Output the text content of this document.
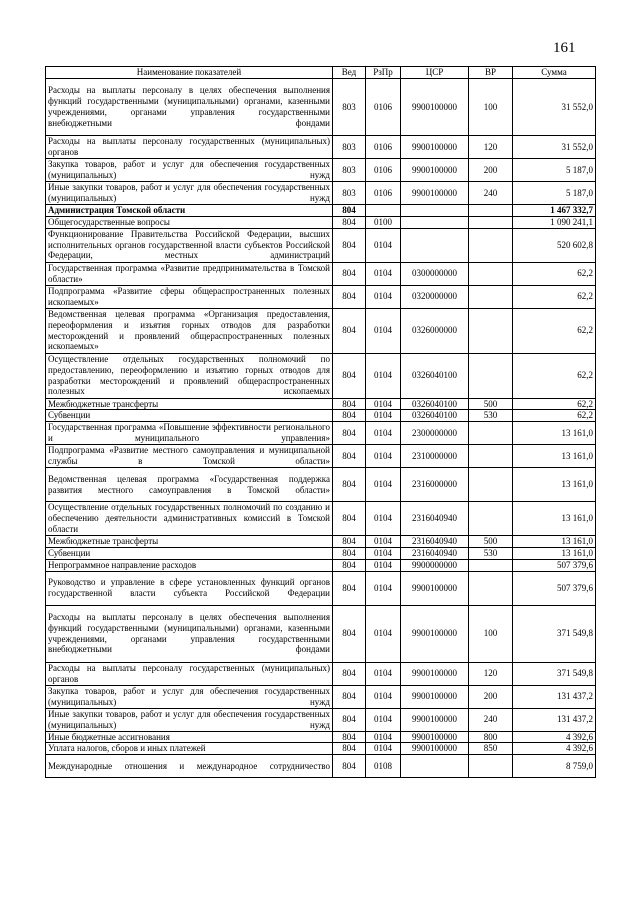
161
Наименование показателей	Вед	РзПр	ЦСР	ВР	Сумма
Расходы на выплаты персоналу в целях обеспечения выполнения функций государственными (муниципальными) органами, казенными учреждениями, органами управления государственными внебюджетными фондами	803	0106	9900100000	100	31 552,0
Расходы на выплаты персоналу государственных (муниципальных) органов	803	0106	9900100000	120	31 552,0
Закупка товаров, работ и услуг для обеспечения государственных (муниципальных) нужд	803	0106	9900100000	200	5 187,0
Иные закупки товаров, работ и услуг для обеспечения государственных (муниципальных) нужд	803	0106	9900100000	240	5 187,0
Администрация Томской области	804				1 467 332,7
Общегосударственные вопросы	804	0100			1 090 241,1
Функционирование Правительства Российской Федерации, высших исполнительных органов государственной власти субъектов Российской Федерации, местных администраций	804	0104			520 602,8
Государственная программа «Развитие предпринимательства в Томской области»	804	0104	0300000000		62,2
Подпрограмма «Развитие сферы общераспространенных полезных ископаемых»	804	0104	0320000000		62,2
Ведомственная целевая программа «Организация предоставления, переоформления и изъятия горных отводов для разработки месторождений и проявлений общераспространенных полезных ископаемых»	804	0104	0326000000		62,2
Осуществление отдельных государственных полномочий по предоставлению, переоформлению и изъятию горных отводов для разработки месторождений и проявлений общераспространенных полезных ископаемых	804	0104	0326040100		62,2
Межбюджетные трансферты	804	0104	0326040100	500	62,2
Субвенции	804	0104	0326040100	530	62,2
Государственная программа «Повышение эффективности регионального и муниципального управления»	804	0104	2300000000		13 161,0
Подпрограмма «Развитие местного самоуправления и муниципальной службы в Томской области»	804	0104	2310000000		13 161,0
Ведомственная целевая программа «Государственная поддержка развития местного самоуправления в Томской области»	804	0104	2316000000		13 161,0
Осуществление отдельных государственных полномочий по созданию и обеспечению деятельности административных комиссий в Томской области	804	0104	2316040940		13 161,0
Межбюджетные трансферты	804	0104	2316040940	500	13 161,0
Субвенции	804	0104	2316040940	530	13 161,0
Непрограммное направление расходов	804	0104	9900000000		507 379,6
Руководство и управление в сфере установленных функций органов государственной власти субъекта Российской Федерации	804	0104	9900100000		507 379,6
Расходы на выплаты персоналу в целях обеспечения выполнения функций государственными (муниципальными) органами, казенными учреждениями, органами управления государственными внебюджетными фондами	804	0104	9900100000	100	371 549,8
Расходы на выплаты персоналу государственных (муниципальных) органов	804	0104	9900100000	120	371 549,8
Закупка товаров, работ и услуг для обеспечения государственных (муниципальных) нужд	804	0104	9900100000	200	131 437,2
Иные закупки товаров, работ и услуг для обеспечения государственных (муниципальных) нужд	804	0104	9900100000	240	131 437,2
Иные бюджетные ассигнования	804	0104	9900100000	800	4 392,6
Уплата налогов, сборов и иных платежей	804	0104	9900100000	850	4 392,6
Международные отношения и международное сотрудничество	804	0108			8 759,0
